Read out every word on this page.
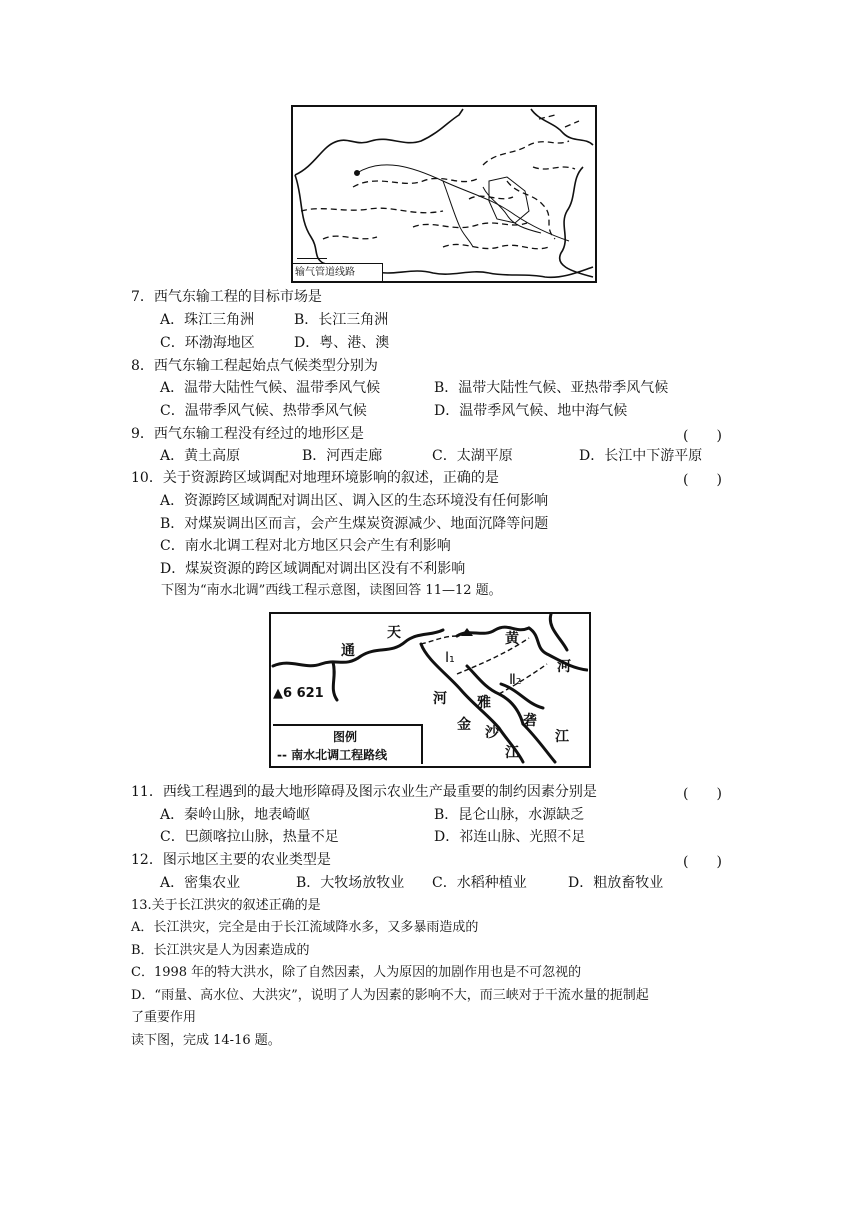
输气管道线路
7．西气东输工程的目标市场是
A．珠江三角洲	B．长江三角洲
C．环渤海地区	D．粤、港、澳
8．西气东输工程起始点气候类型分别为
A．温带大陆性气候、温带季风气候	B．温带大陆性气候、亚热带季风气候
C．温带季风气候、热带季风气候	D．温带季风气候、地中海气候
9．西气东输工程没有经过的地形区是	(　　)
A．黄土高原	B．河西走廊	C．太湖平原	D．长江中下游平原
10．关于资源跨区域调配对地理环境影响的叙述，正确的是	(　　)
A．资源跨区域调配对调出区、调入区的生态环境没有任何影响
B．对煤炭调出区而言，会产生煤炭资源减少、地面沉降等问题
C．南水北调工程对北方地区只会产生有利影响
D．煤炭资源的跨区域调配对调出区没有不利影响
下图为“南水北调”西线工程示意图，读图回答 11—12 题。
通
天	黄
河
河 雅
砻
金 沙
江
江
Ⅰ₁
Ⅱ₂
▲6 621
图例
-- 南水北调工程路线
11．西线工程遇到的最大地形障碍及图示农业生产最重要的制约因素分别是	(　　)
A．秦岭山脉，地表崎岖	B．昆仑山脉，水源缺乏
C．巴颜喀拉山脉，热量不足	D．祁连山脉、光照不足
12．图示地区主要的农业类型是	(　　)
A．密集农业	B．大牧场放牧业 C．水稻种植业	D．粗放畜牧业
13.关于长江洪灾的叙述正确的是
A．长江洪灾，完全是由于长江流域降水多，又多暴雨造成的
B．长江洪灾是人为因素造成的
C．1998 年的特大洪水，除了自然因素，人为原因的加剧作用也是不可忽视的
D．“雨量、高水位、大洪灾”，说明了人为因素的影响不大，而三峡对于干流水量的扼制起
了重要作用
读下图，完成 14-16 题。
